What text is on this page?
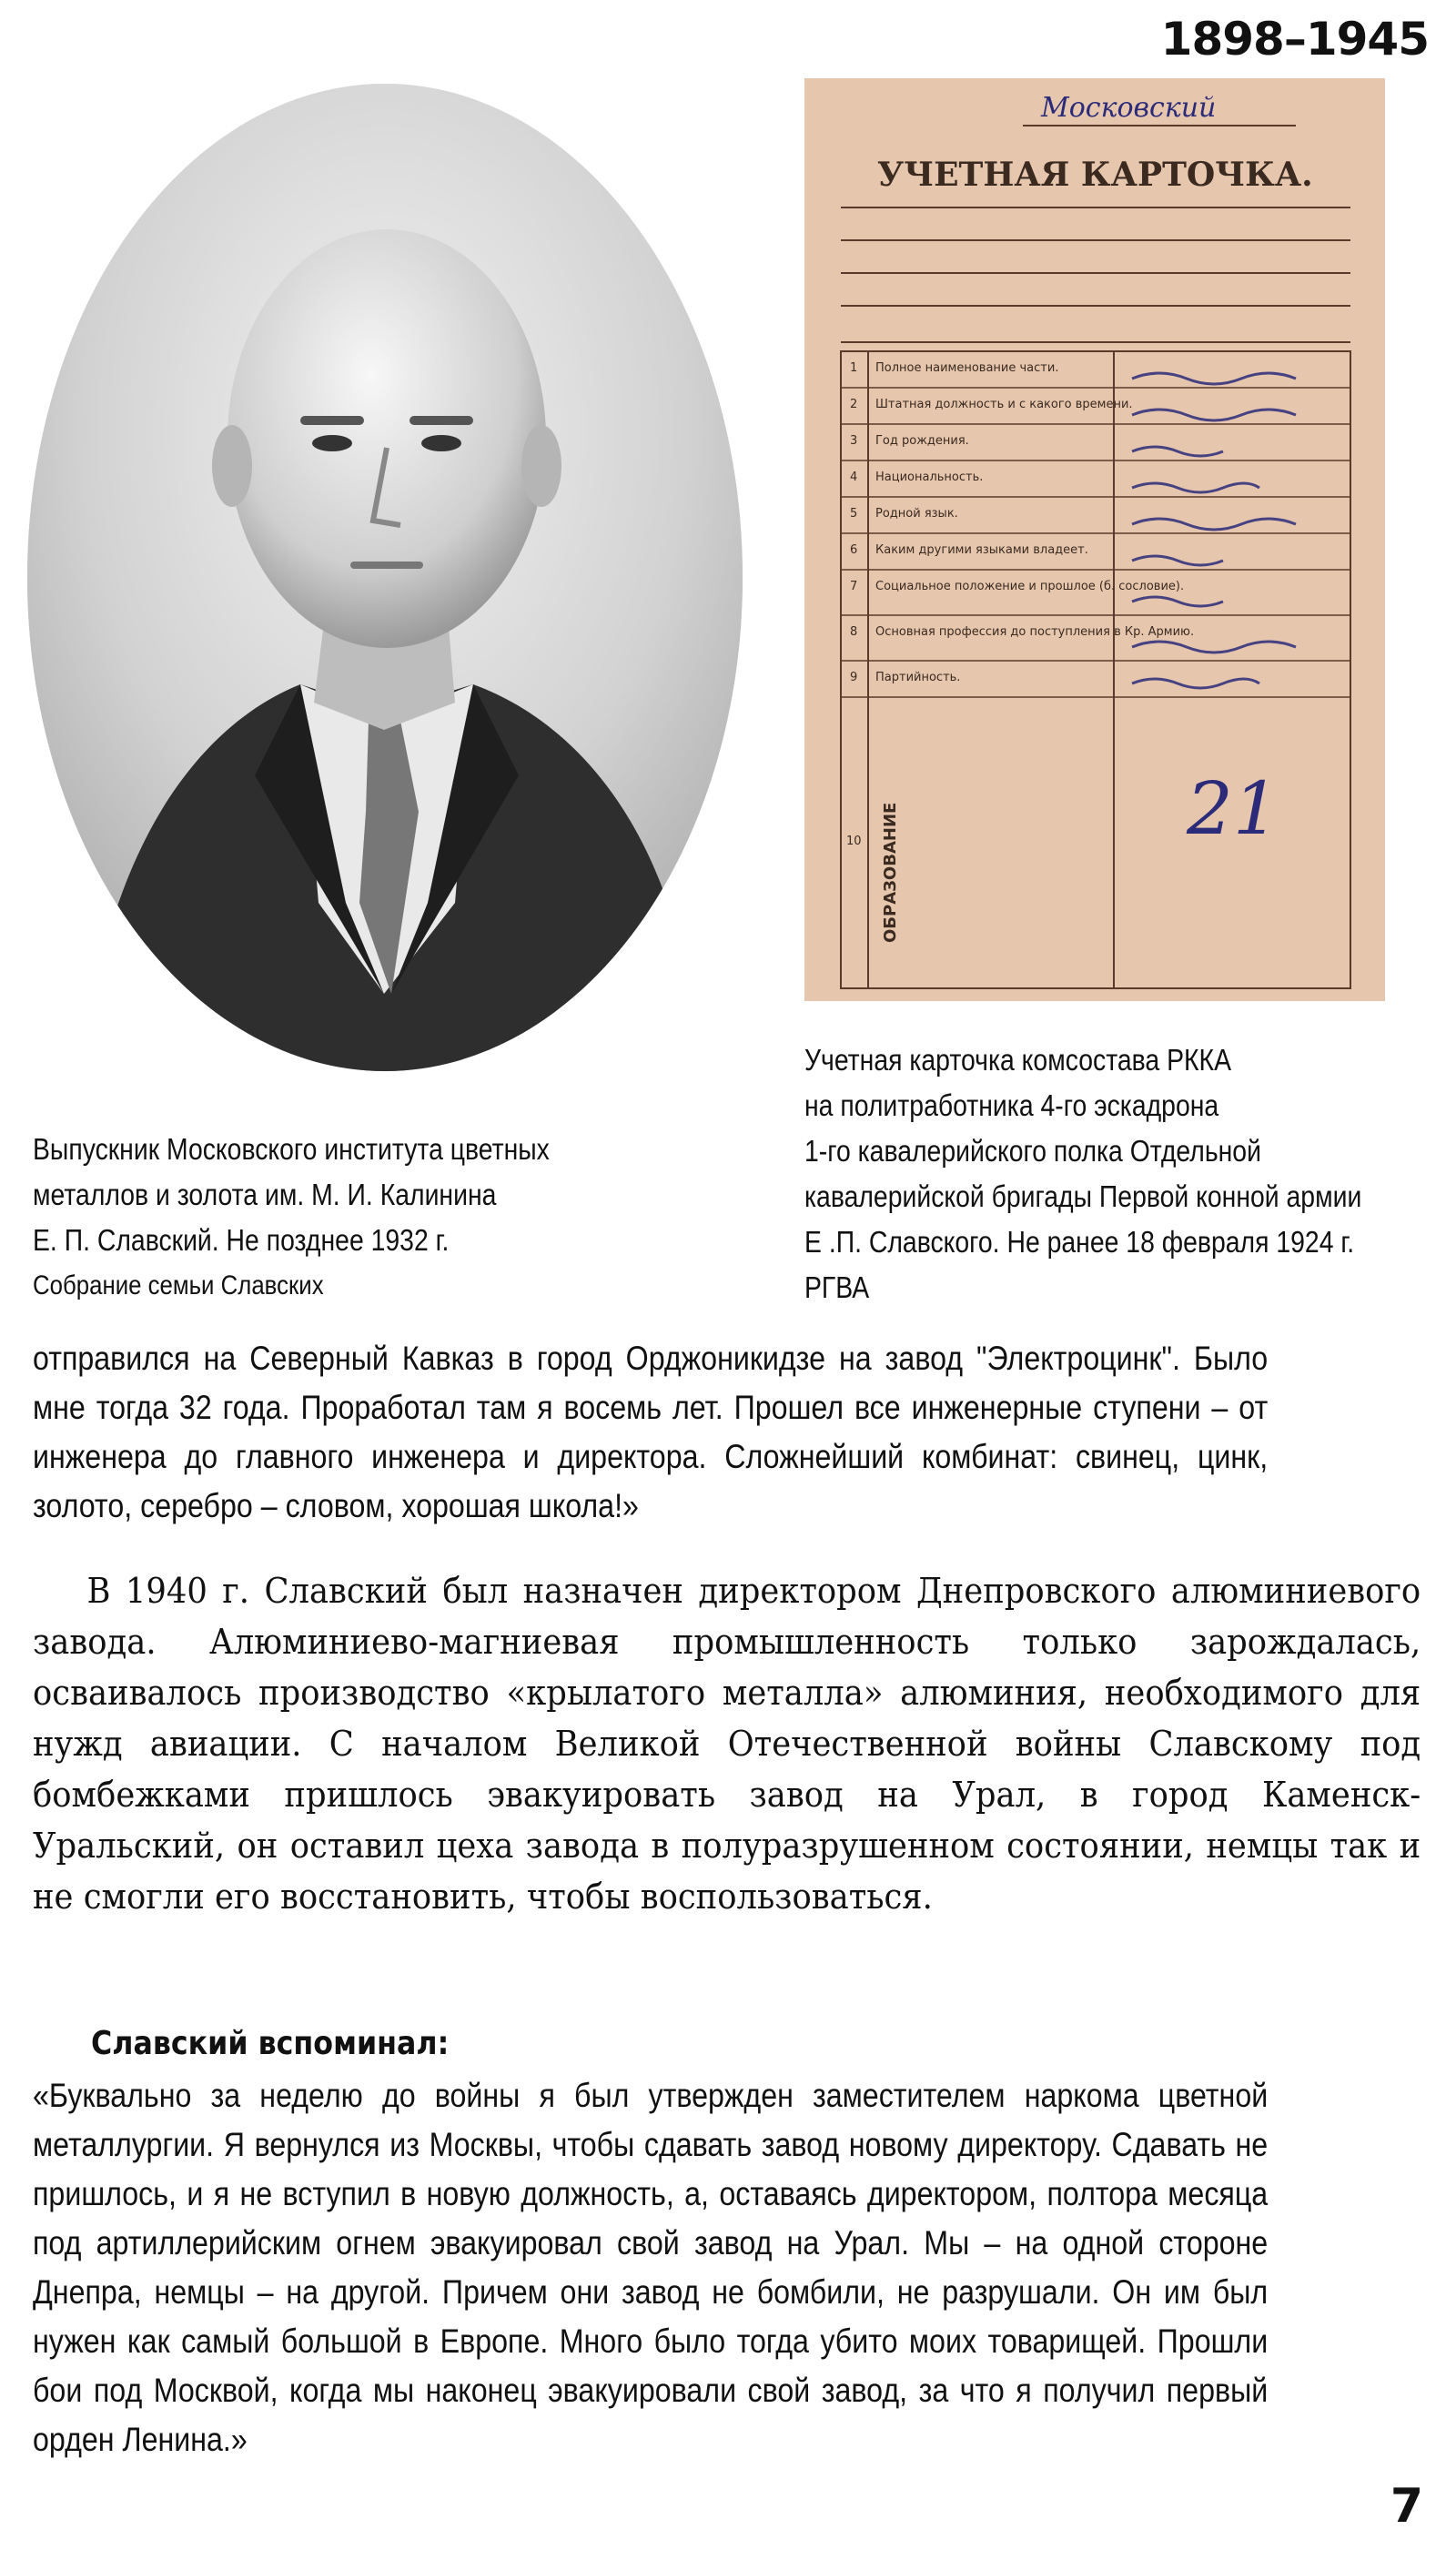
1898–1945
Московский
УЧЕТНАЯ КАРТОЧКА.
1 Полное наименование части.
2 Штатная должность и с какого времени.
3 Год рождения.
4 Национальность.
5 Родной язык.
6 Каким другими языками владеет.
7 Социальное положение и прошлое (б. сословие).
8 Основная профессия до поступления в Кр. Армию.
9 Партийность.
10 ОБРАЗОВАНИЕ	21
Учетная карточка комсостава РККА
на политработника 4-го эскадрона
1-го кавалерийского полка Отдельной
кавалерийской бригады Первой конной армии
Е .П. Славского. Не ранее 18 февраля 1924 г.
РГВА
Выпускник Московского института цветных
металлов и золота им. М. И. Калинина
Е. П. Славский. Не позднее 1932 г.
Собрание семьи Славских
отправился на Северный Кавказ в город Орджоникидзе на завод "Электроцинк". Было мне тогда 32 года. Проработал там я восемь лет. Прошел все инженерные ступени – от инженера до главного инженера и директора. Сложнейший комбинат: свинец, цинк, золото, серебро – словом, хорошая школа!»

В 1940 г. Славский был назначен директором Днепровского алюминиевого завода. Алюминиево-магниевая промышленность только зарождалась, осваивалось производство «крылатого металла» алюминия, необходимого для нужд авиации. С началом Великой Отечественной войны Славскому под бомбежками пришлось эвакуировать завод на Урал, в город Каменск-Уральский, он оставил цеха завода в полуразрушенном состоянии, немцы так и не смогли его восстановить, чтобы воспользоваться.

Славский вспоминал:
«Буквально за неделю до войны я был утвержден заместителем наркома цветной металлургии. Я вернулся из Москвы, чтобы сдавать завод новому директору. Сдавать не пришлось, и я не вступил в новую должность, а, оставаясь директором, полтора месяца под артиллерийским огнем эвакуировал свой завод на Урал. Мы – на одной стороне Днепра, немцы – на другой. Причем они завод не бомбили, не разрушали. Он им был нужен как самый большой в Европе. Много было тогда убито моих товарищей. Прошли бои под Москвой, когда мы наконец эвакуировали свой завод, за что я получил первый орден Ленина.»
7
